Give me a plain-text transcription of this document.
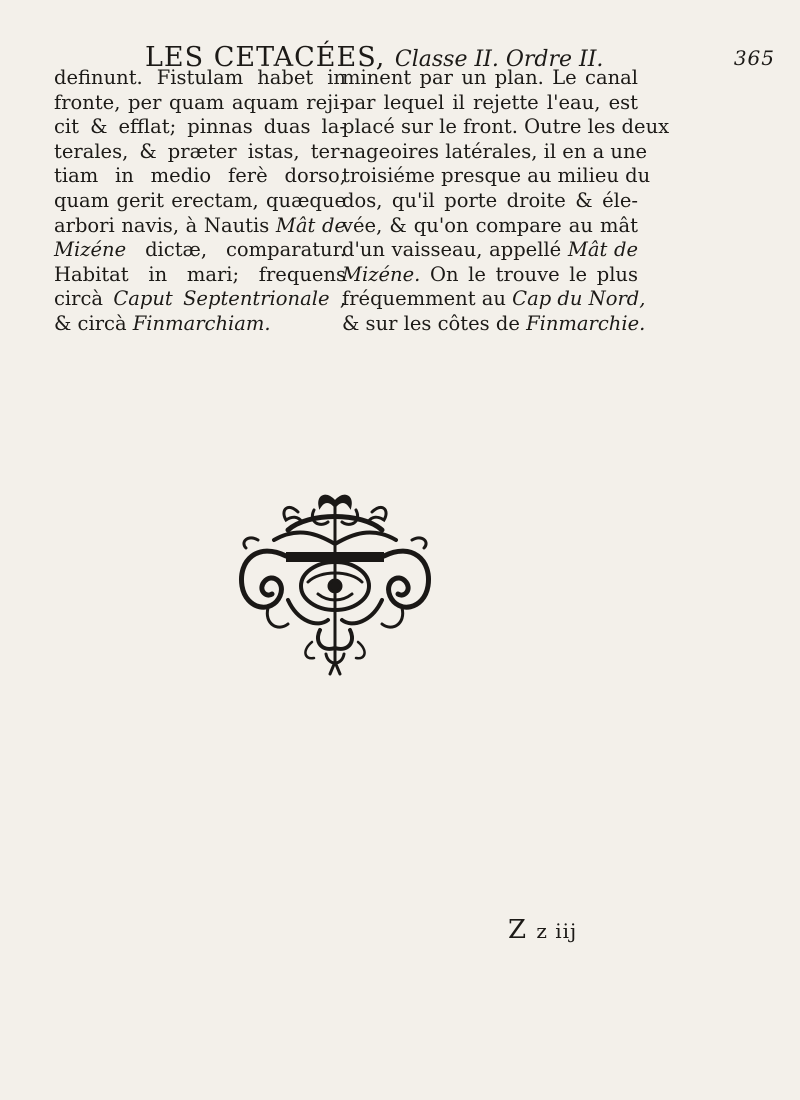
LES CETACÉES, Classe II. Ordre II.	365
definunt. Fistulam habet in
fronte, per quam aquam reji-
cit & efflat; pinnas duas la-
terales, & præter istas, ter-
tiam in medio ferè dorso,
quam gerit erectam, quæque
arbori navis, à Nautis Mât de
Mizéne dictæ, comparatur.
Habitat in mari; frequens
circà Caput Septentrionale ,
& circà Finmarchiam.
minent par un plan. Le canal
par lequel il rejette l'eau, est
placé sur le front. Outre les deux
nageoires latérales, il en a une
troisiéme presque au milieu du
dos, qu'il porte droite & éle-
vée, & qu'on compare au mât
d'un vaisseau, appellé Mât de
Mizéne. On le trouve le plus
fréquemment au Cap du Nord,
& sur les côtes de Finmarchie.
Z z iij
